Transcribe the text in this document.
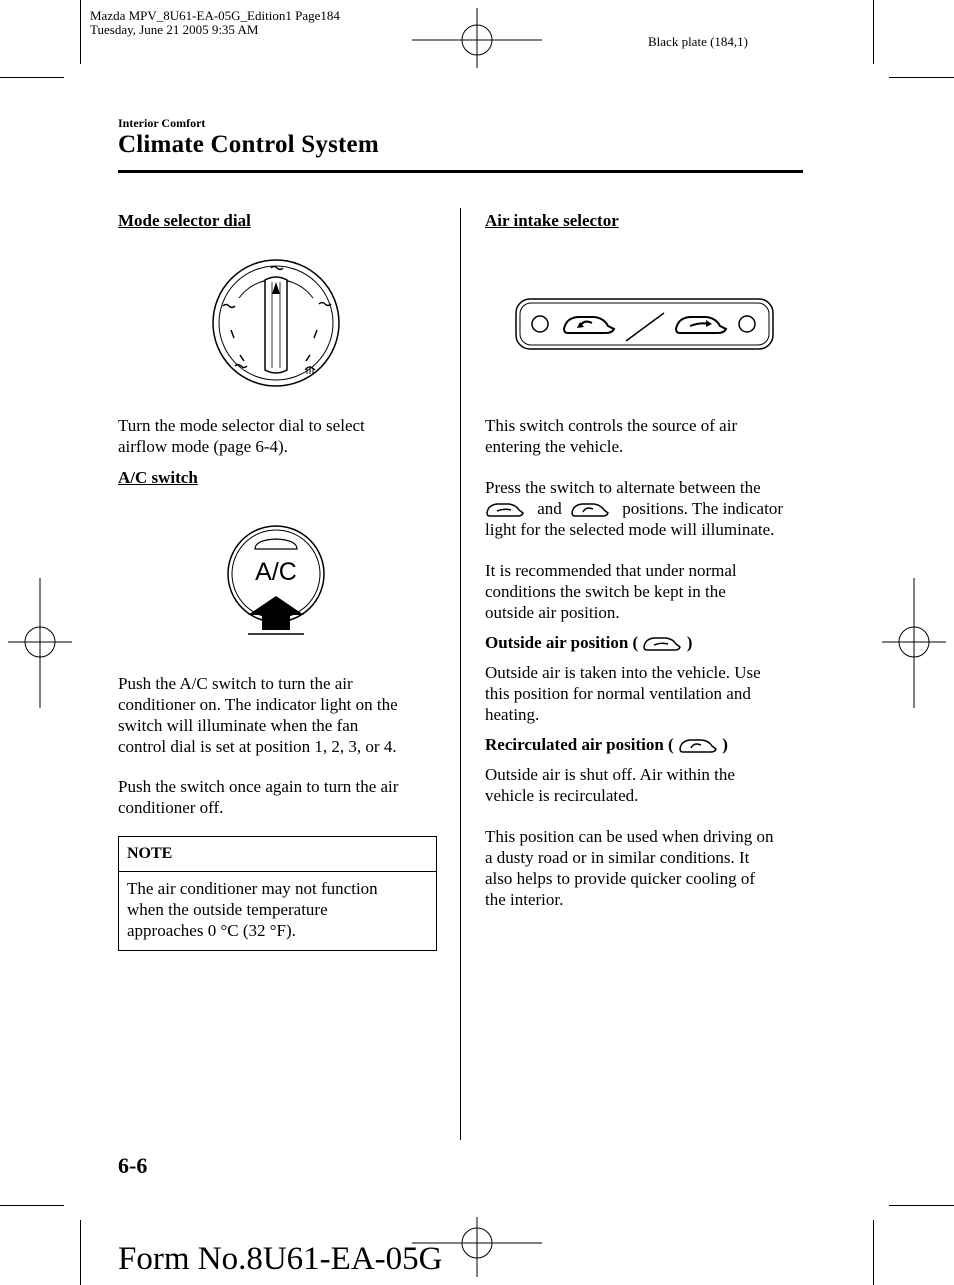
Mazda MPV_8U61-EA-05G_Edition1 Page184
Tuesday, June 21 2005 9:35 AM
Black plate (184,1)
Interior Comfort
Climate Control System
Mode selector dial
Turn the mode selector dial to select
airflow mode (page 6-4).
A/C switch
A/C
Push the A/C switch to turn the air
conditioner on. The indicator light on the
switch will illuminate when the fan
control dial is set at position 1, 2, 3, or 4.
Push the switch once again to turn the air
conditioner off.
NOTE
The air conditioner may not function
when the outside temperature
approaches 0 °C (32 °F).
Air intake selector
This switch controls the source of air
entering the vehicle.
Press the switch to alternate between the
and	positions. The indicator
light for the selected mode will illuminate.
It is recommended that under normal
conditions the switch be kept in the
outside air position.
Outside air position (	)
Outside air is taken into the vehicle. Use
this position for normal ventilation and
heating.
Recirculated air position (	)
Outside air is shut off. Air within the
vehicle is recirculated.
This position can be used when driving on
a dusty road or in similar conditions. It
also helps to provide quicker cooling of
the interior.
6-6
Form No.8U61-EA-05G
